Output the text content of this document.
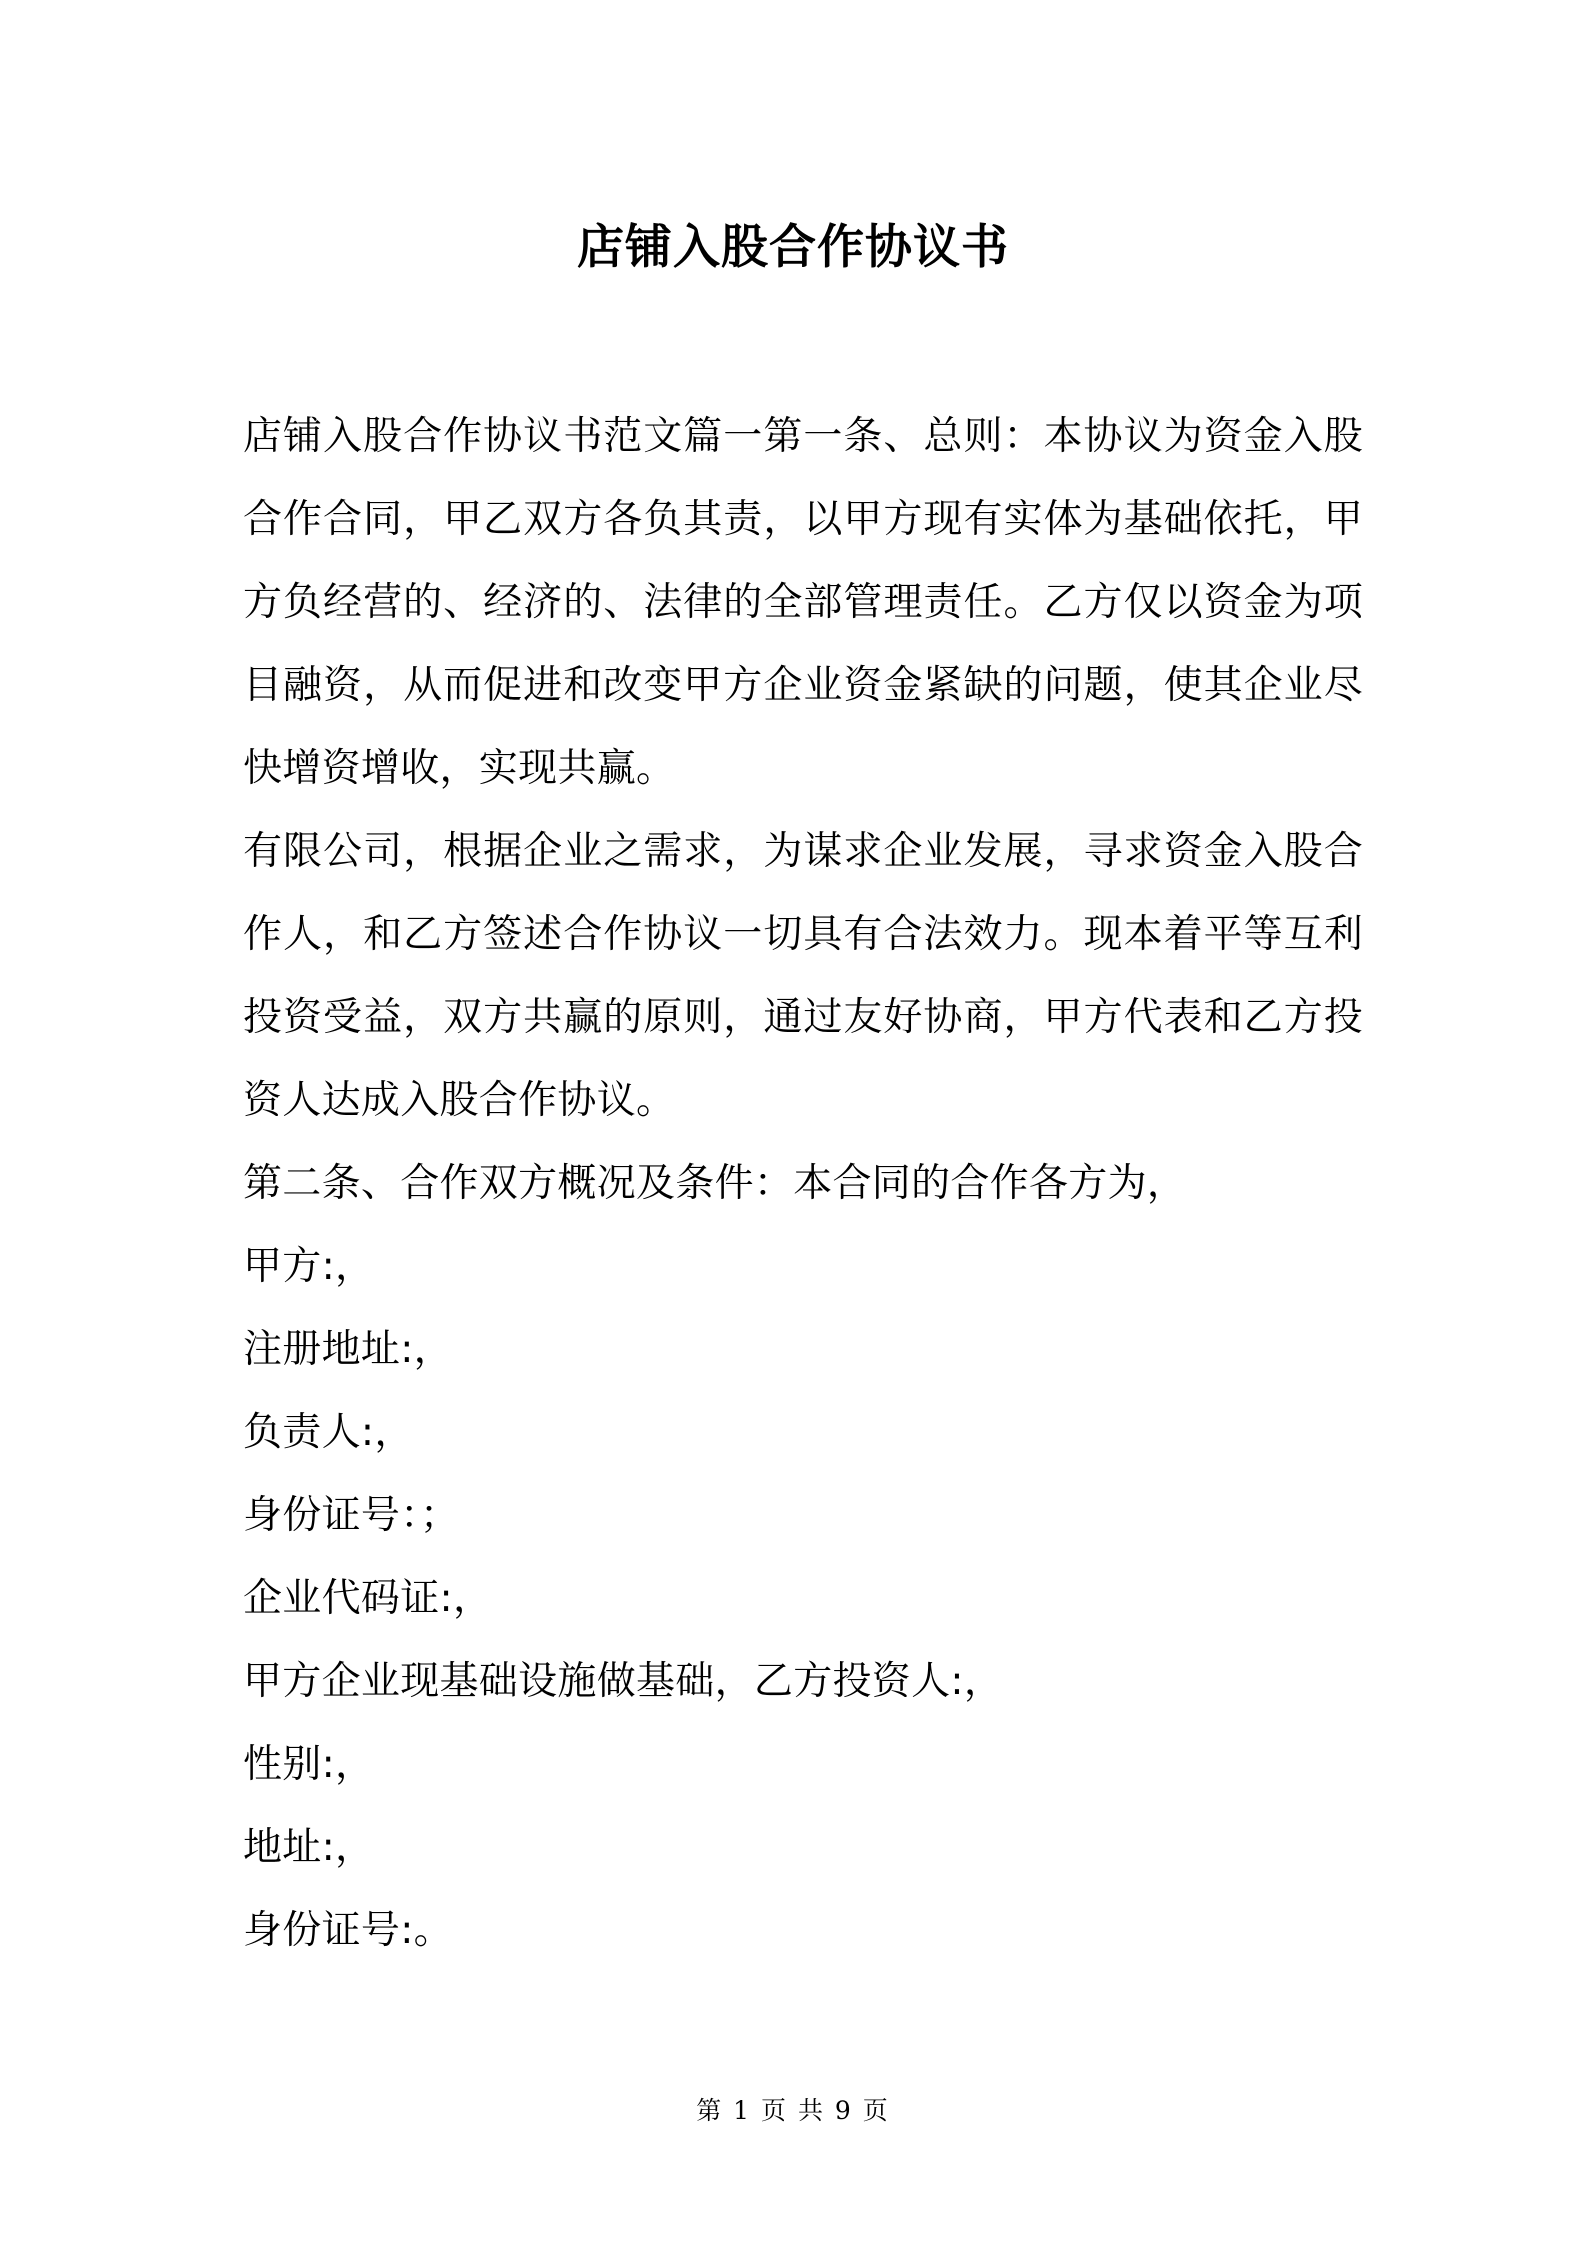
店铺入股合作协议书

店铺入股合作协议书范文篇一第一条、总则：本协议为资金入股合作合同，甲乙双方各负其责，以甲方现有实体为基础依托，甲方负经营的、经济的、法律的全部管理责任。乙方仅以资金为项目融资，从而促进和改变甲方企业资金紧缺的问题，使其企业尽快增资增收，实现共赢。

有限公司，根据企业之需求，为谋求企业发展，寻求资金入股合作人，和乙方签述合作协议一切具有合法效力。现本着平等互利投资受益，双方共赢的原则，通过友好协商，甲方代表和乙方投资人达成入股合作协议。

第二条、合作双方概况及条件：本合同的合作各方为，

甲方:，

注册地址:，

负责人:，

身份证号：；

企业代码证:，

甲方企业现基础设施做基础，乙方投资人:，

性别:，

地址:，

身份证号:。

第 1 页 共 9 页
